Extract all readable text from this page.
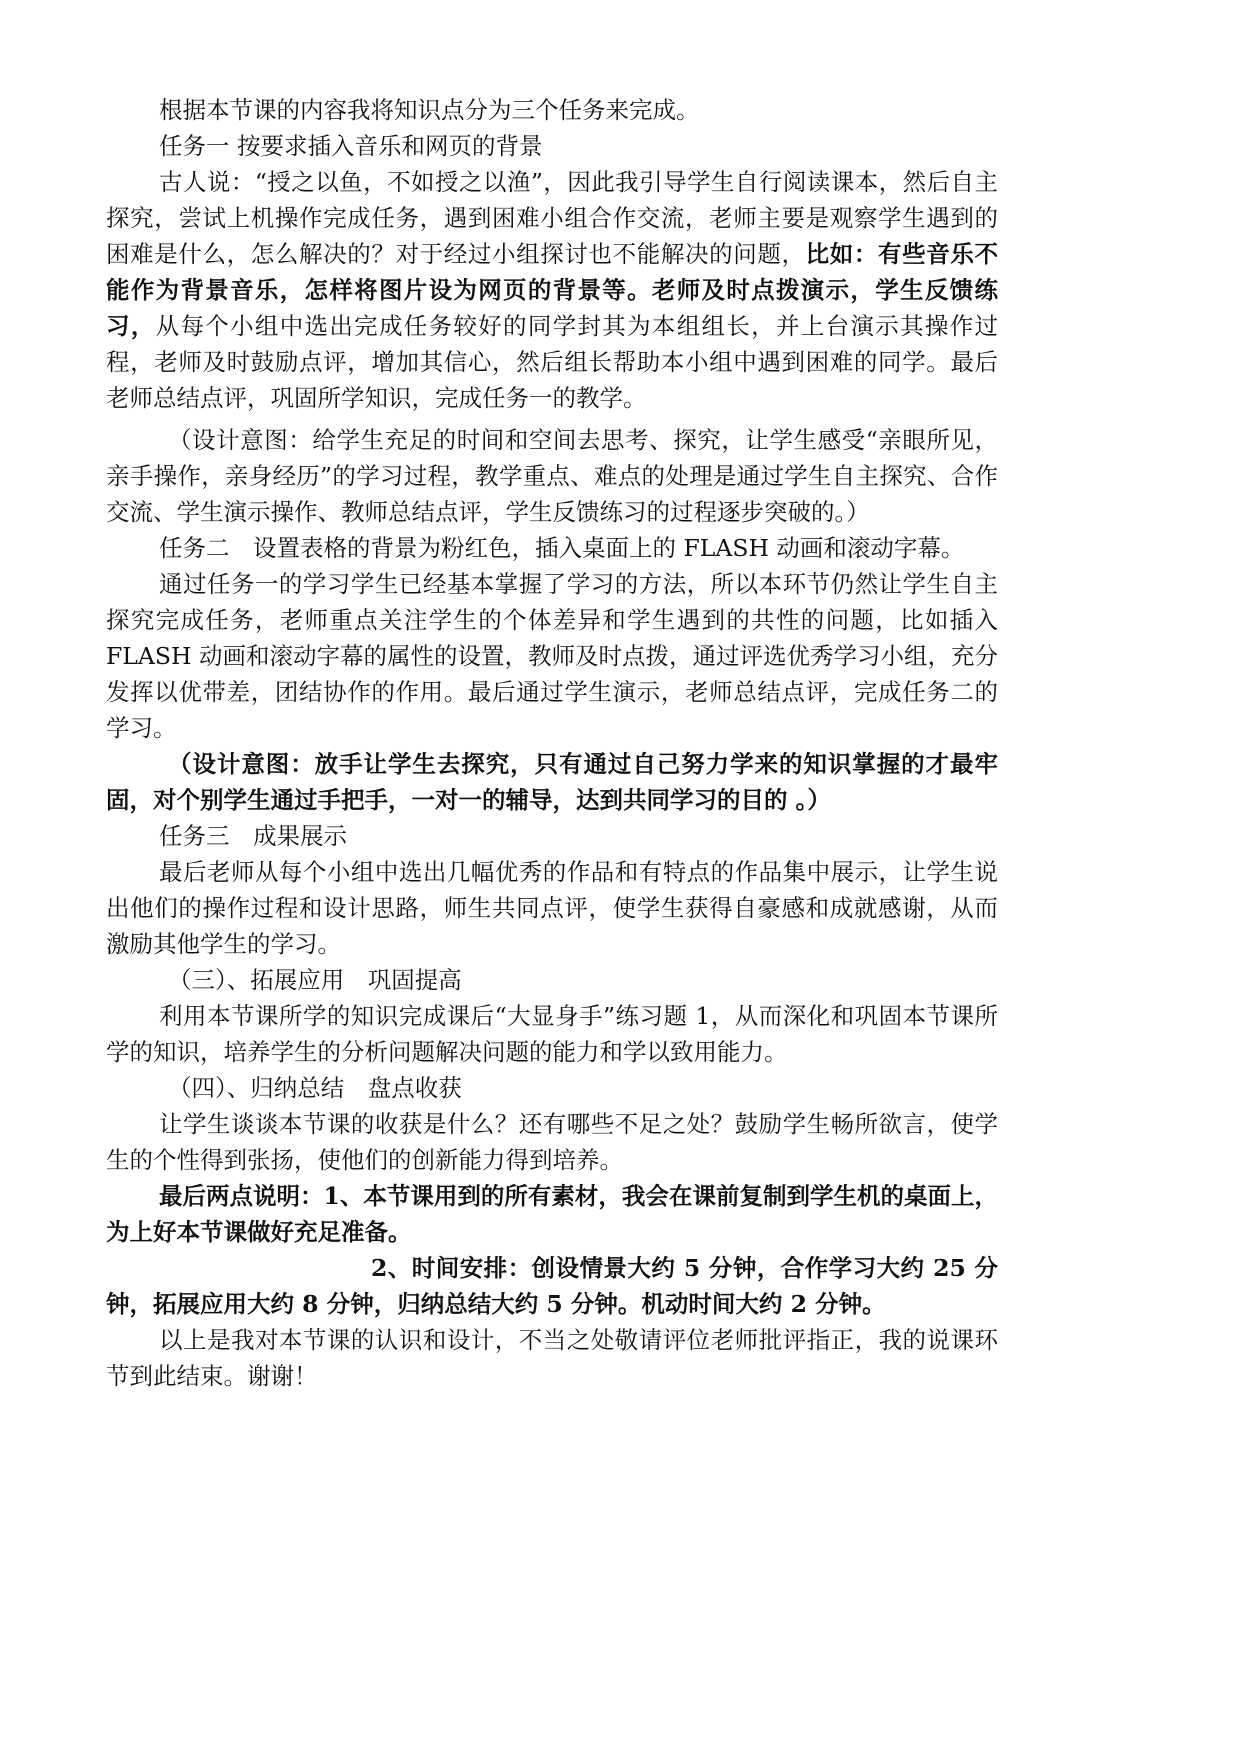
根据本节课的内容我将知识点分为三个任务来完成。

任务一 按要求插入音乐和网页的背景

古人说：“授之以鱼，不如授之以渔”，因此我引导学生自行阅读课本，然后自主探究，尝试上机操作完成任务，遇到困难小组合作交流，老师主要是观察学生遇到的困难是什么，怎么解决的？对于经过小组探讨也不能解决的问题，比如：有些音乐不能作为背景音乐，怎样将图片设为网页的背景等。老师及时点拨演示，学生反馈练习，从每个小组中选出完成任务较好的同学封其为本组组长，并上台演示其操作过程，老师及时鼓励点评，增加其信心，然后组长帮助本小组中遇到困难的同学。最后老师总结点评，巩固所学知识，完成任务一的教学。

（设计意图：给学生充足的时间和空间去思考、探究，让学生感受“亲眼所见，亲手操作，亲身经历”的学习过程，教学重点、难点的处理是通过学生自主探究、合作交流、学生演示操作、教师总结点评，学生反馈练习的过程逐步突破的。）

任务二　设置表格的背景为粉红色，插入桌面上的 FLASH 动画和滚动字幕。

通过任务一的学习学生已经基本掌握了学习的方法，所以本环节仍然让学生自主探究完成任务，老师重点关注学生的个体差异和学生遇到的共性的问题，比如插入 FLASH 动画和滚动字幕的属性的设置，教师及时点拨，通过评选优秀学习小组，充分发挥以优带差，团结协作的作用。最后通过学生演示，老师总结点评，完成任务二的学习。

（设计意图：放手让学生去探究，只有通过自己努力学来的知识掌握的才最牢固，对个别学生通过手把手，一对一的辅导，达到共同学习的目的 。）

任务三　成果展示

最后老师从每个小组中选出几幅优秀的作品和有特点的作品集中展示，让学生说出他们的操作过程和设计思路，师生共同点评，使学生获得自豪感和成就感谢，从而激励其他学生的学习。

（三）、拓展应用　巩固提高

利用本节课所学的知识完成课后“大显身手”练习题 1，从而深化和巩固本节课所学的知识，培养学生的分析问题解决问题的能力和学以致用能力。

（四）、归纳总结　盘点收获

让学生谈谈本节课的收获是什么？还有哪些不足之处？鼓励学生畅所欲言，使学生的个性得到张扬，使他们的创新能力得到培养。

最后两点说明：1、本节课用到的所有素材，我会在课前复制到学生机的桌面上，为上好本节课做好充足准备。

2、时间安排：创设情景大约 5 分钟，合作学习大约 25 分钟，拓展应用大约 8 分钟，归纳总结大约 5 分钟。机动时间大约 2 分钟。

以上是我对本节课的认识和设计，不当之处敬请评位老师批评指正，我的说课环节到此结束。谢谢！
